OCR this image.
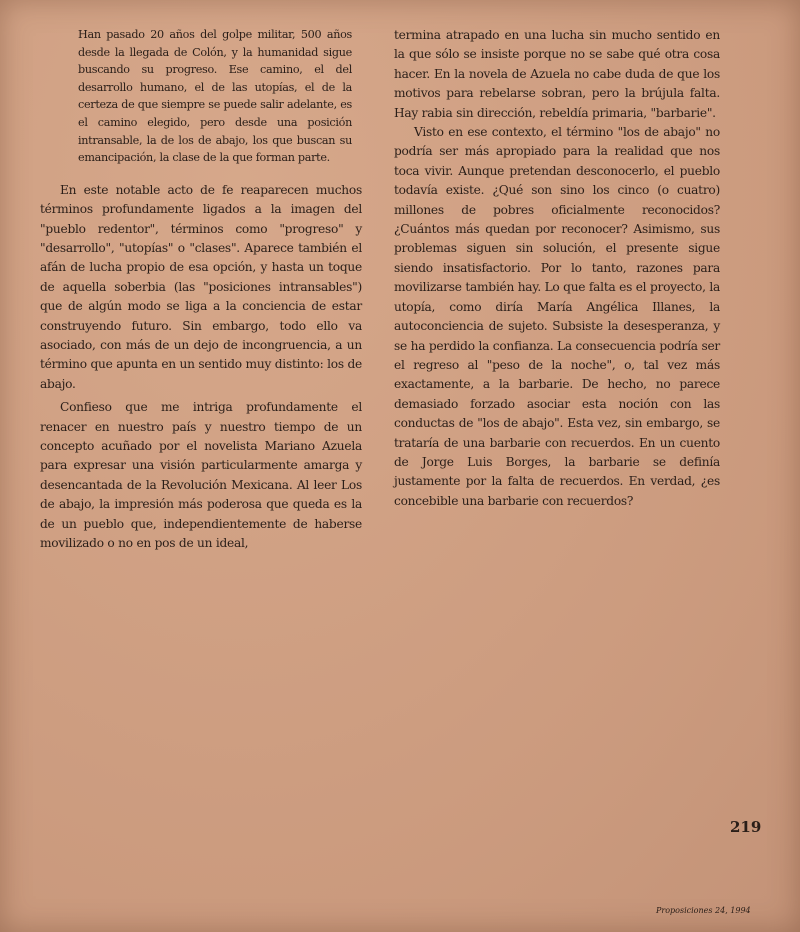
Han pasado 20 años del golpe militar, 500 años desde la llegada de Colón, y la humanidad sigue buscando su progreso. Ese camino, el del desarrollo humano, el de las utopías, el de la certeza de que siempre se puede salir adelante, es el camino elegido, pero desde una posición intransable, la de los de abajo, los que buscan su emancipación, la clase de la que forman parte.

En este notable acto de fe reaparecen muchos términos profundamente ligados a la imagen del "pueblo redentor", términos como "progreso" y "desarrollo", "utopías" o "clases". Aparece también el afán de lucha propio de esa opción, y hasta un toque de aquella soberbia (las "posiciones intransables") que de algún modo se liga a la conciencia de estar construyendo futuro. Sin embargo, todo ello va asociado, con más de un dejo de incongruencia, a un término que apunta en un sentido muy distinto: los de abajo.

Confieso que me intriga profundamente el renacer en nuestro país y nuestro tiempo de un concepto acuñado por el novelista Mariano Azuela para expresar una visión particularmente amarga y desencantada de la Revolución Mexicana. Al leer Los de abajo, la impresión más poderosa que queda es la de un pueblo que, independientemente de haberse movilizado o no en pos de un ideal,

termina atrapado en una lucha sin mucho sentido en la que sólo se insiste porque no se sabe qué otra cosa hacer. En la novela de Azuela no cabe duda de que los motivos para rebelarse sobran, pero la brújula falta. Hay rabia sin dirección, rebeldía primaria, "barbarie".

Visto en ese contexto, el término "los de abajo" no podría ser más apropiado para la realidad que nos toca vivir. Aunque pretendan desconocerlo, el pueblo todavía existe. ¿Qué son sino los cinco (o cuatro) millones de pobres oficialmente reconocidos? ¿Cuántos más quedan por reconocer? Asimismo, sus problemas siguen sin solución, el presente sigue siendo insatisfactorio. Por lo tanto, razones para movilizarse también hay. Lo que falta es el proyecto, la utopía, como diría María Angélica Illanes, la autoconciencia de sujeto. Subsiste la desesperanza, y se ha perdido la confianza. La consecuencia podría ser el regreso al "peso de la noche", o, tal vez más exactamente, a la barbarie. De hecho, no parece demasiado forzado asociar esta noción con las conductas de "los de abajo". Esta vez, sin embargo, se trataría de una barbarie con recuerdos. En un cuento de Jorge Luis Borges, la barbarie se definía justamente por la falta de recuerdos. En verdad, ¿es concebible una barbarie con recuerdos?

219
Proposiciones 24, 1994
